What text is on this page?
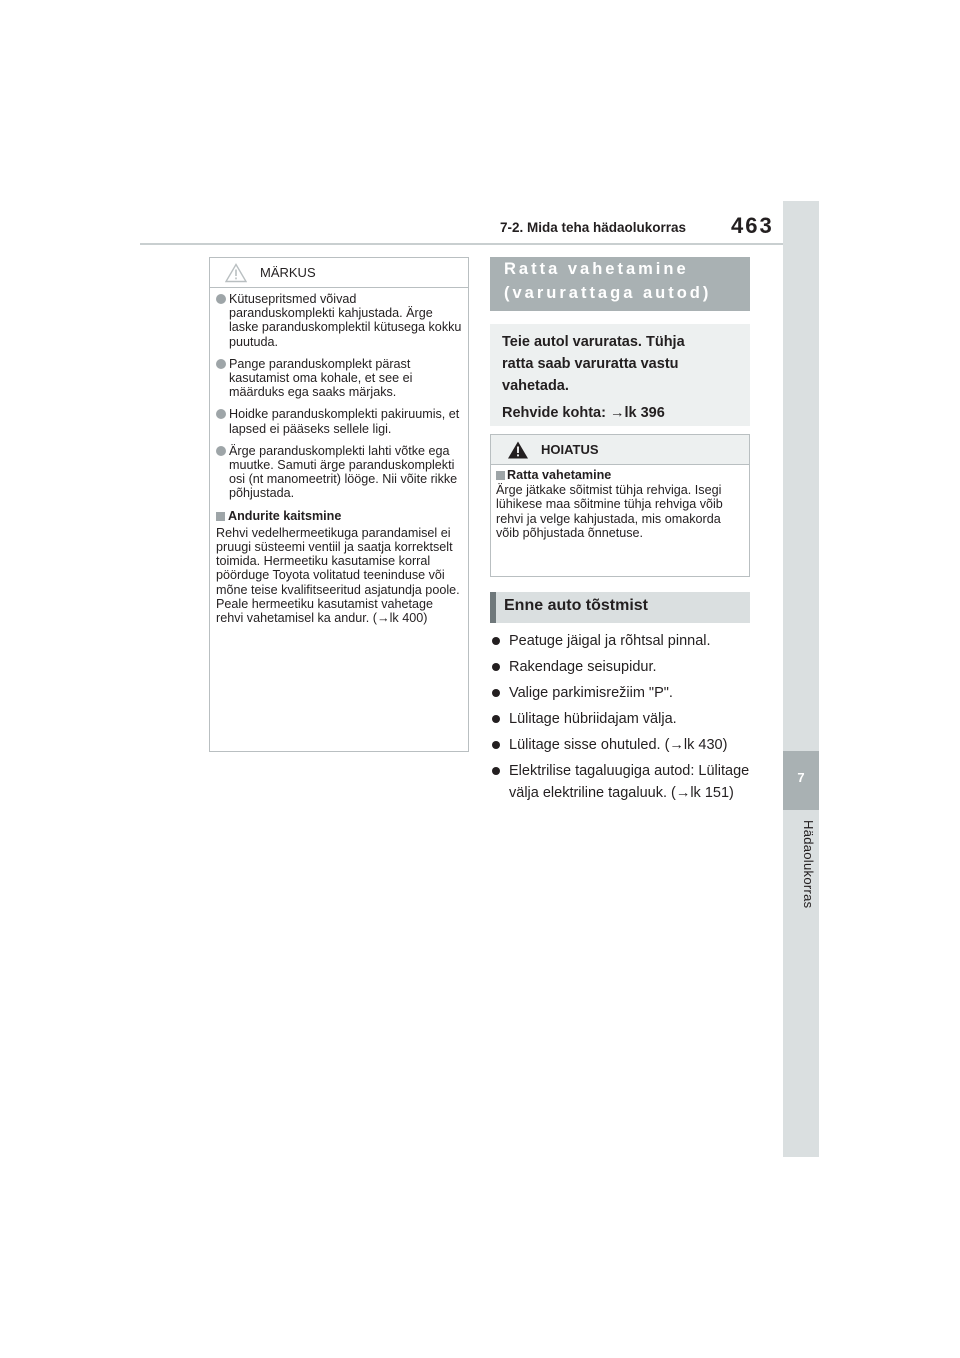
7-2. Mida teha hädaolukorras 463
7
Hädaolukorras
MÄRKUS
Kütusepritsmed võivad paranduskomplekti kahjustada. Ärge laske paranduskomplektil kütusega kokku puutuda.
Pange paranduskomplekt pärast kasutamist oma kohale, et see ei määrduks ega saaks märjaks.
Hoidke paranduskomplekti pakiruumis, et lapsed ei pääseks sellele ligi.
Ärge paranduskomplekti lahti võtke ega muutke. Samuti ärge paranduskomplekti osi (nt manomeetrit) lööge. Nii võite rikke põhjustada.
Andurite kaitsmine
Rehvi vedelhermeetikuga parandamisel ei pruugi süsteemi ventiil ja saatja korrektselt toimida. Hermeetiku kasutamise korral pöörduge Toyota volitatud teeninduse või mõne teise kvalifitseeritud asjatundja poole. Peale hermeetiku kasutamist vahetage rehvi vahetamisel ka andur. (→lk 400)
Ratta vahetamine
(varurattaga autod)
Teie autol varuratas. Tühja
ratta saab varuratta vastu
vahetada.
Rehvide kohta: →lk 396
HOIATUS
Ratta vahetamine
Ärge jätkake sõitmist tühja rehviga. Isegi lühikese maa sõitmine tühja rehviga võib rehvi ja velge kahjustada, mis omakorda võib põhjustada õnnetuse.
Enne auto tõstmist
Peatuge jäigal ja rõhtsal pinnal.
Rakendage seisupidur.
Valige parkimisrežiim "P".
Lülitage hübriidajam välja.
Lülitage sisse ohutuled. (→lk 430)
Elektrilise tagaluugiga autod: Lülitage välja elektriline tagaluuk. (→lk 151)
